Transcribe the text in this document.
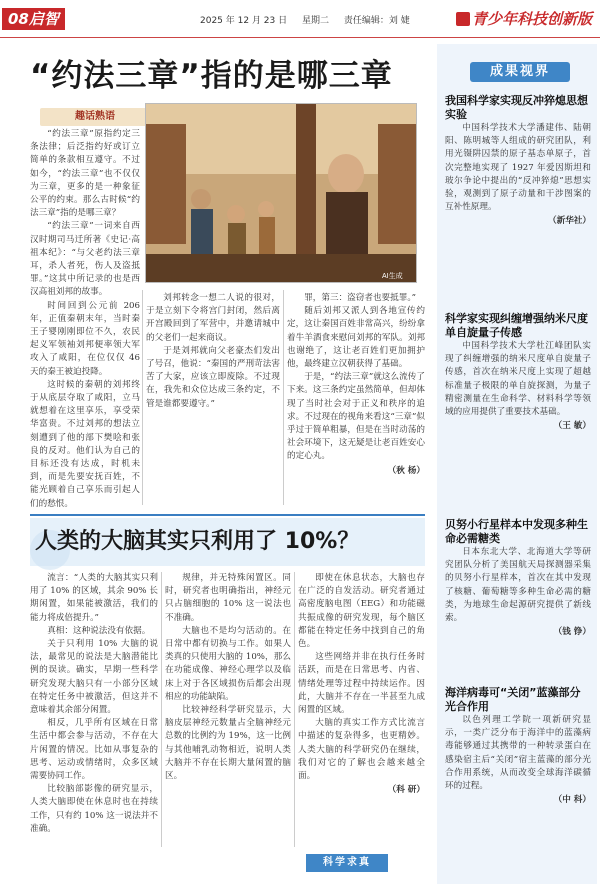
08启智	2025 年 12 月 23 日 星期二 责任编辑：刘 婕	青少年科技创新版
“约法三章”指的是哪三章
趣话熟语
AI生成

“约法三章”原指约定三条法律；后泛指约好或订立简单的条款相互遵守。不过如今，“约法三章”也不仅仅为三章，更多的是一种象征公平的约束。那么古时候“约法三章”指的是哪三章？

“约法三章”一词来自西汉时期司马迁所著《史记·高祖本纪》：“与父老约法三章耳，杀人者死，伤人及盗抵罪。”这其中所记录的也是西汉高祖刘邦的故事。

时间回到公元前 206 年，正值秦朝末年，当时秦王子婴刚刚即位不久，农民起义军领袖刘邦便率领大军攻入了咸阳，在位仅仅 46 天的秦王被迫投降。

这时候的秦朝的刘邦终于从底层夺取了咸阳，立马就想着在这里享乐，享受荣华富贵。不过刘邦的想法立刻遭到了他的部下樊哙和张良的反对。他们认为自己的目标还没有达成，时机未到，而是先要安抚百姓，不能光顾着自己享乐而引起人们的愁恨。

刘邦转念一想二人说的很对，于是立刻下令将宫门封闭，然后离开宫殿回到了军营中，并邀请城中的父老们一起来商议。

于是刘邦就向父老豪杰们发出了号召，他说：“秦国的严刑苛法害苦了大家，应该立即废除。不过现在，我先和众位达成三条约定，不管是谁都要遵守。”

罪，第三：盗窃者也要抵罪。”

随后刘邦又派人到各地宣传约定，这让秦国百姓非常高兴，纷纷拿着牛羊酒食来慰问刘邦的军队。刘邦也谢绝了，这让老百姓们更加拥护他，最终建立汉朝获得了基础。

于是，“约法三章”就这么流传了下来。这三条约定虽然简单，但却体现了当时社会对于正义和秩序的追求。不过现在的视角来看这“三章”似乎过于简单粗暴，但是在当时动荡的社会环境下，这无疑是让老百姓安心的定心丸。

（秋 杨）

人类的大脑其实只利用了 10%？

流言：“人类的大脑其实只利用了 10% 的区域，其余 90% 长期闲置，如果能被激活，我们的能力将成倍提升。”

真相：这种说法没有依据。

关于只利用 10% 大脑的说法，最常见的说法是大脑潜能比例的误读。确实，早期一些科学研究发现大脑只有一小部分区域在特定任务中被激活，但这并不意味着其余部分闲置。

相反，几乎所有区域在日常生活中都会参与活动，不存在大片闲置的情况。比如从事复杂的思考、运动或情绪时，众多区域需要协同工作。

比较脑部影像的研究显示，人类大脑即使在休息时也在持续工作，只有约 10% 这一说法并不准确。

规律，并无特殊闲置区。同时，研究者也明确指出，神经元只占脑细胞的 10% 这一说法也不准确。

大脑也不是均匀活动的。在日常中都有切换与工作。如果人类真的只使用大脑的 10%，那么在功能成像、神经心理学以及临床上对于各区域损伤后都会出现相应的功能缺陷。

比较神经科学研究显示，大脑皮层神经元数量占全脑神经元总数的比例约为 19%，这一比例与其他哺乳动物相近，说明人类大脑并不存在长期大量闲置的脑区。

即使在休息状态，大脑也存在广泛的自发活动。研究者通过高密度脑电图（EEG）和功能磁共振成像的研究发现，每个脑区都能在特定任务中找到自己的角色。

这些网络并非在执行任务时活跃，而是在日常思考、内省、情绪处理等过程中持续运作。因此，大脑并不存在一半甚至九成闲置的区域。

大脑的真实工作方式比流言中描述的复杂得多，也更精妙。人类大脑的科学研究仍在继续，我们对它的了解也会越来越全面。

（科 研）

科学求真
成果视界
我国科学家实现反冲猝熄思想实验

中国科学技术大学潘建伟、陆朝阳、陈明城等人组成的研究团队，利用光镊阱囚禁的原子基态单原子，首次完整地实现了 1927 年爱因斯坦和玻尔争论中提出的“反冲猝熄”思想实验，观测到了原子动量和干涉图案的互补性原理。

（新华社）

科学家实现纠缠增强纳米尺度单自旋量子传感

中国科学技术大学杜江峰团队实现了纠缠增强的纳米尺度单自旋量子传感，首次在纳米尺度上实现了超越标准量子极限的单自旋探测，为量子精密测量在生命科学、材料科学等领域的应用提供了重要技术基础。

（王 敏）

贝努小行星样本中发现多种生命必需糖类

日本东北大学、北海道大学等研究团队分析了美国航天局探测器采集的贝努小行星样本，首次在其中发现了核糖、葡萄糖等多种生命必需的糖类，为地球生命起源研究提供了新线索。

（钱 铮）

海洋病毒可“关闭”蓝藻部分光合作用

以色列理工学院一项新研究显示，一类广泛分布于海洋中的蓝藻病毒能够通过其携带的一种转录蛋白在感染宿主后“关闭”宿主蓝藻的部分光合作用系统，从而改变全球海洋碳循环的过程。

（中 科）
